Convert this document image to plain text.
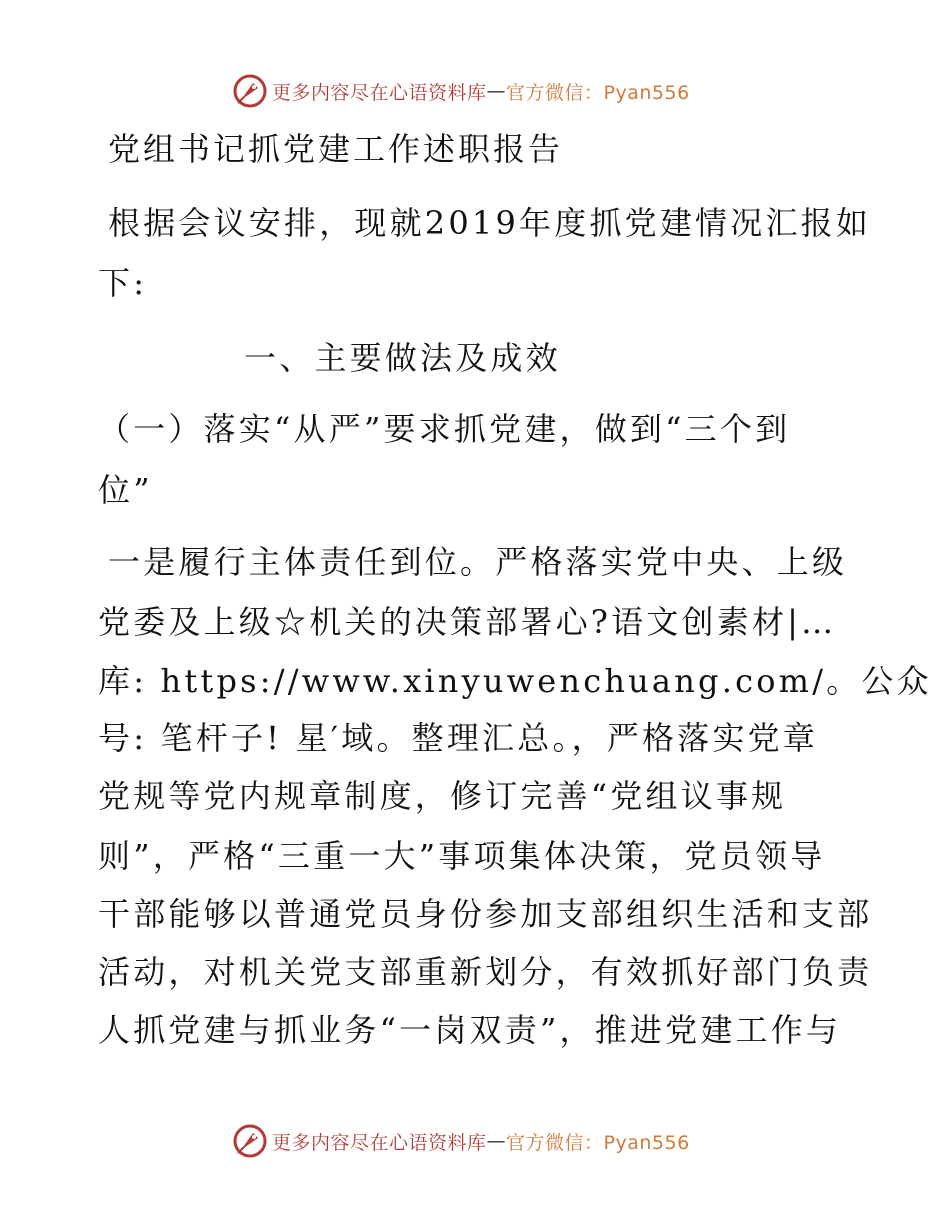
更多内容尽在心语资料库 — 官方微信：Pyan556
党组书记抓党建工作述职报告

根据会议安排，现就2019年度抓党建情况汇报如

下:

一、主要做法及成效

（一）落实“从严”要求抓党建，做到“三个到

位”

一是履行主体责任到位。严格落实党中央、上级

党委及上级☆机关的决策部署心?语文创素材|…

库: https://www.xinyuwenchuang.com/。公众

号: 笔杆子! 星′域。整理汇总。，严格落实党章

党规等党内规章制度，修订完善“党组议事规

则”，严格“三重一大”事项集体决策，党员领导

干部能够以普通党员身份参加支部组织生活和支部

活动，对机关党支部重新划分，有效抓好部门负责

人抓党建与抓业务“一岗双责”，推进党建工作与

更多内容尽在心语资料库 — 官方微信：Pyan556
